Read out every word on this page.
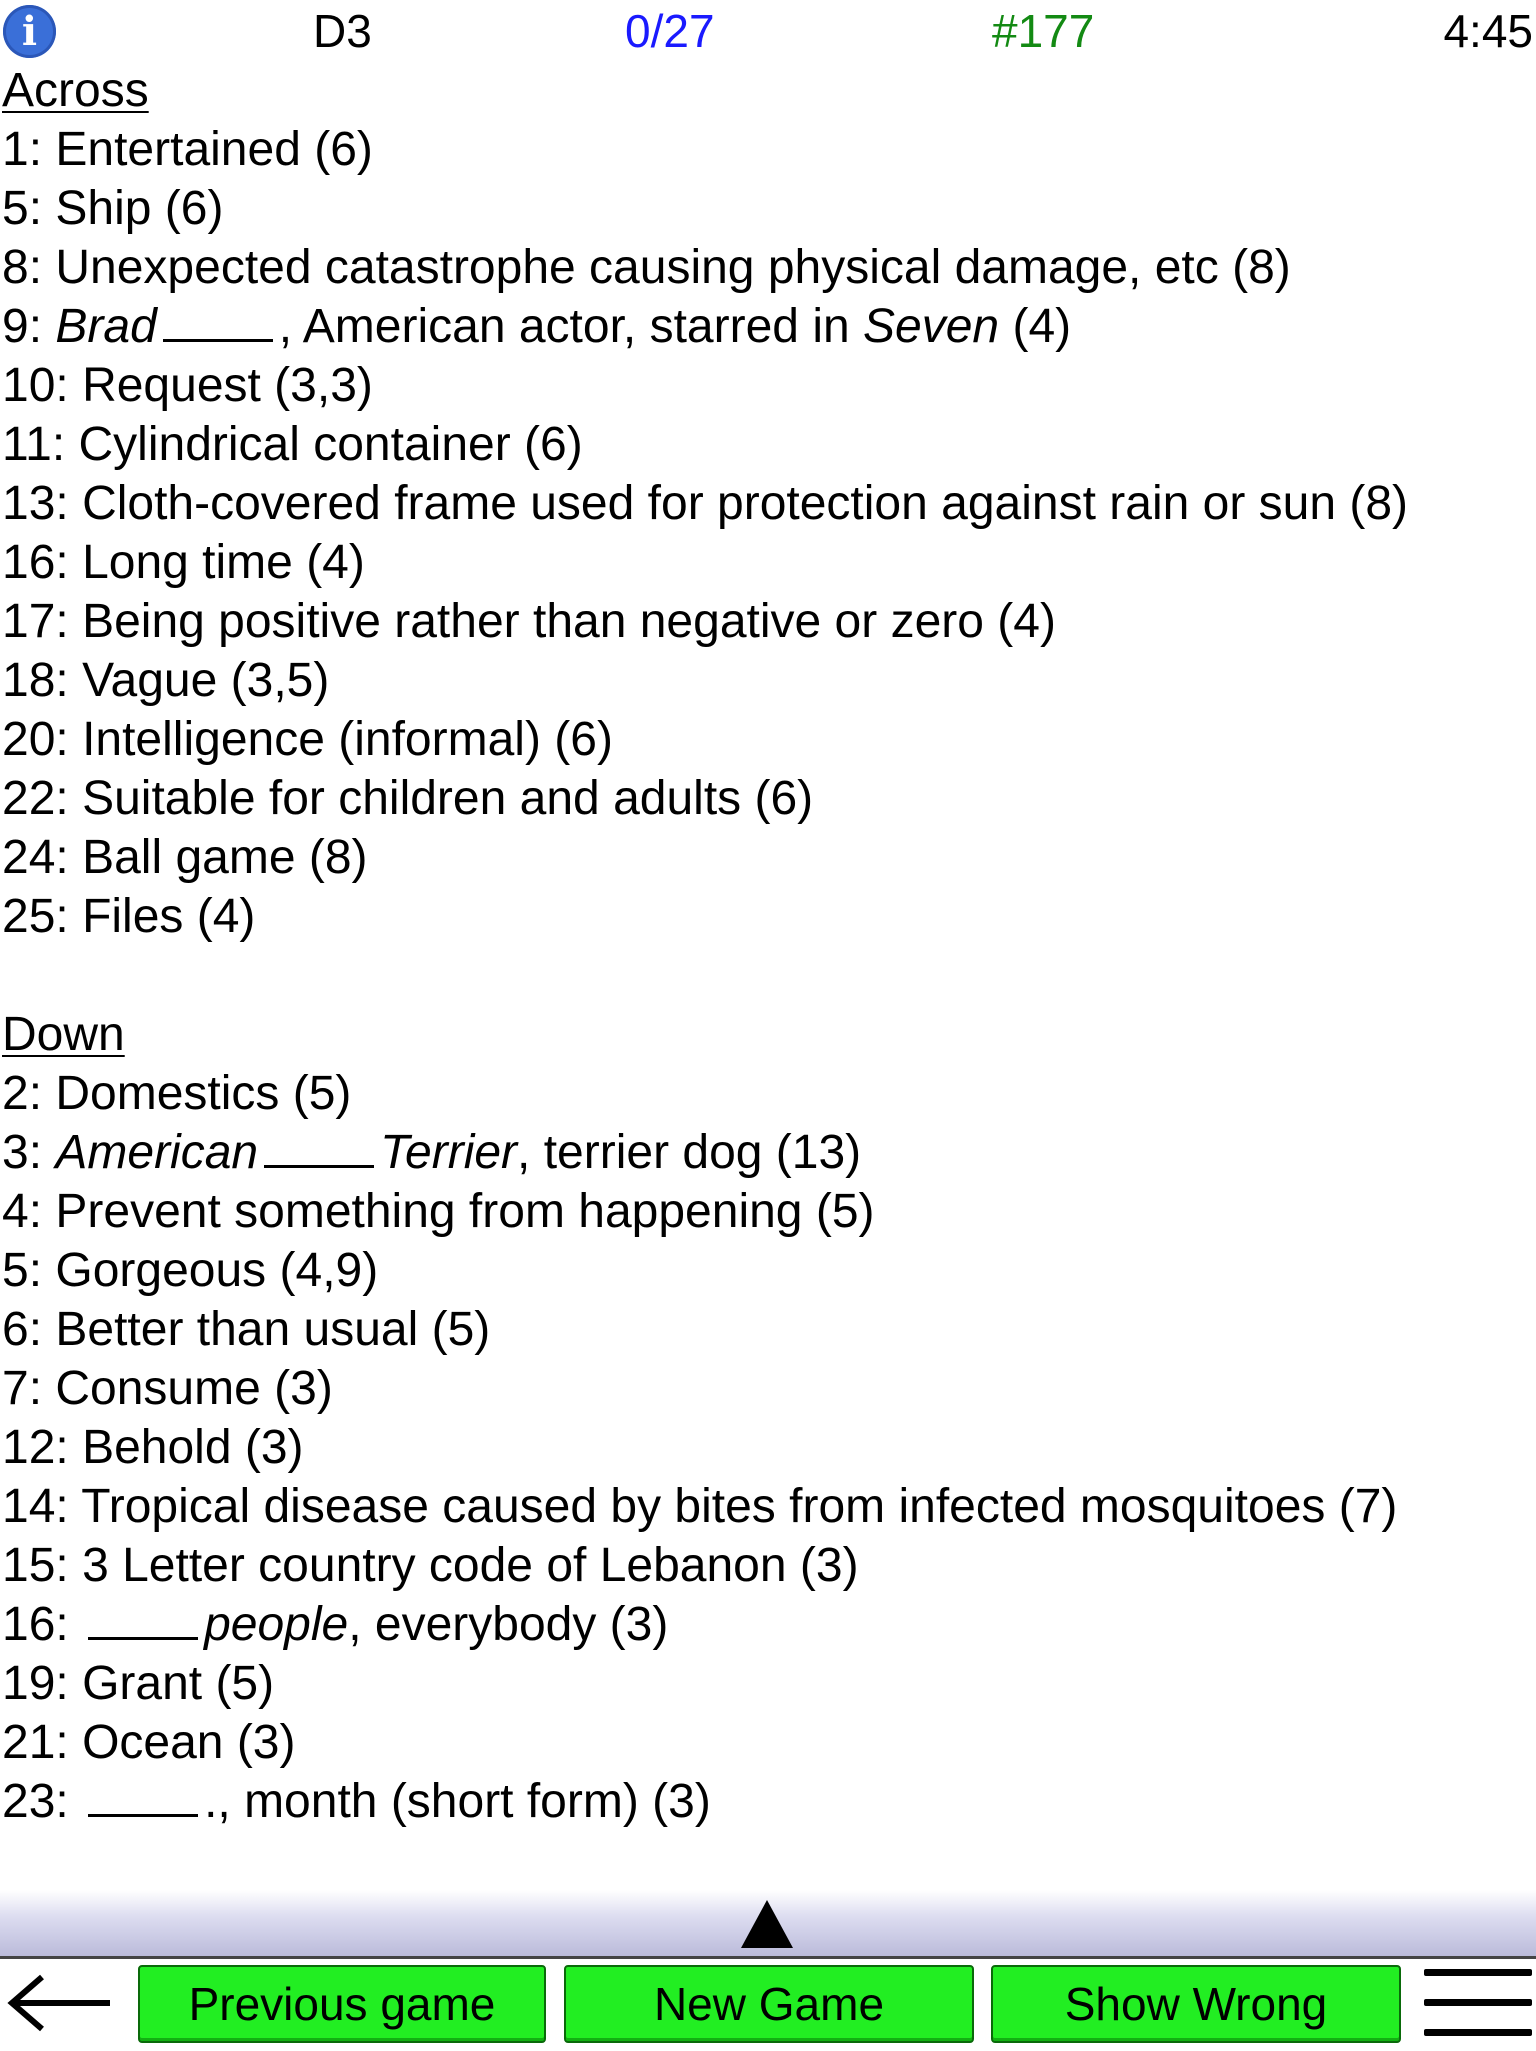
i	D3	0/27	#177	4:45
Across
1: Entertained (6)
5: Ship (6)
8: Unexpected catastrophe causing physical damage, etc (8)
9: Brad	, American actor, starred in Seven (4)
10: Request (3,3)
11: Cylindrical container (6)
13: Cloth-covered frame used for protection against rain or sun (8)
16: Long time (4)
17: Being positive rather than negative or zero (4)
18: Vague (3,5)
20: Intelligence (informal) (6)
22: Suitable for children and adults (6)
24: Ball game (8)
25: Files (4)
Down
2: Domestics (5)
3: American	Terrier, terrier dog (13)
4: Prevent something from happening (5)
5: Gorgeous (4,9)
6: Better than usual (5)
7: Consume (3)
12: Behold (3)
14: Tropical disease caused by bites from infected mosquitoes (7)
15: 3 Letter country code of Lebanon (3)
16:	people, everybody (3)
19: Grant (5)
21: Ocean (3)
23:	., month (short form) (3)
Previous game	New Game	Show Wrong
